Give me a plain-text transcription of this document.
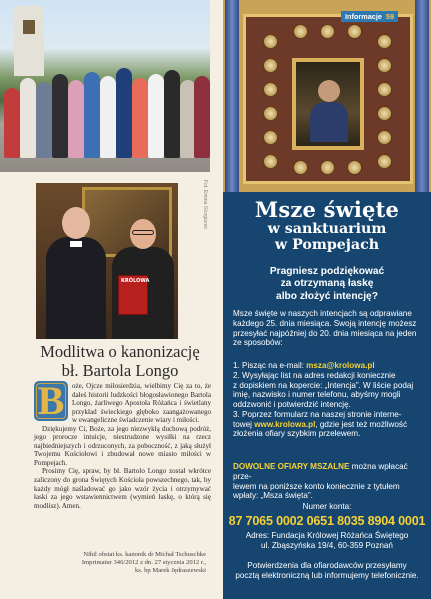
KRÓLOWA
Fot. Emma Giorgianni
Modlitwa o kanonizację
bł. Bartola Longo
B	oże, Ojcze miłosierdzia, wielbimy Cię za to, że dałeś historii ludzkości błogosławionego Bartola Longo, żarliwego Apostoła Różańca i świetlany przykład świeckiego głęboko zaangażowanego w ewangeliczne świadczenie wiary i miłości.

Dziękujemy Ci, Boże, za jego niezwykłą duchową podróż, jego prorocze intuicje, niestrudzone wysiłki na rzecz najbiedniejszych i odrzuconych, za poboczność, z jaką służył Twojemu Kościołowi i zbudował nowe miasto miłości w Pompejach.

Prosimy Cię, spraw, by bł. Bartolo Longo został wkrótce zaliczony do grona Świętych Kościoła powszechnego, tak, by każdy mógł naśladować go jako wzór życia i otrzymywać łaski za jego wstawiennictwem (wymień łaskę, o którą się modlisz). Amen.

Nihil obstat ks. kanonik dr Michał Tschuschke
Imprimatur 346/2012 z dn. 27 stycznia 2012 r.,
ks. bp Marek Jędraszewski
Informacje 59
Msze święte
w sanktuarium
w Pompejach
Pragniesz podziękować
za otrzymaną łaskę
albo złożyć intencję?
Msze święte w naszych intencjach są odprawiane
każdego 25. dnia miesiąca. Swoją intencję możesz
przesyłać najpóźniej do 20. dnia miesiąca na jeden
ze sposobów:
1. Pisząc na e-mail: msza@krolowa.pl
2. Wysyłając list na adres redakcji koniecznie
z dopiskiem na kopercie: „Intencja”. W liście podaj
imię, nazwisko i numer telefonu, abyśmy mogli
oddzwonić i potwierdzić intencję.
3. Poprzez formularz na naszej stronie interne-
towej www.krolowa.pl, gdzie jest też możliwość
złożenia ofiary szybkim przelewem.
DOWOLNE OFIARY MSZALNE można wpłacać prze-
lewem na poniższe konto koniecznie z tytułem
wpłaty: „Msza święta”.
Numer konta:
87 7065 0002 0651 8035 8904 0001
Adres: Fundacja Królowej Różańca Świętego
ul. Zbąszyńska 19/4, 60-359 Poznań
Potwierdzenia dla ofiarodawców przesyłamy
pocztą elektroniczną lub informujemy telefonicznie.
